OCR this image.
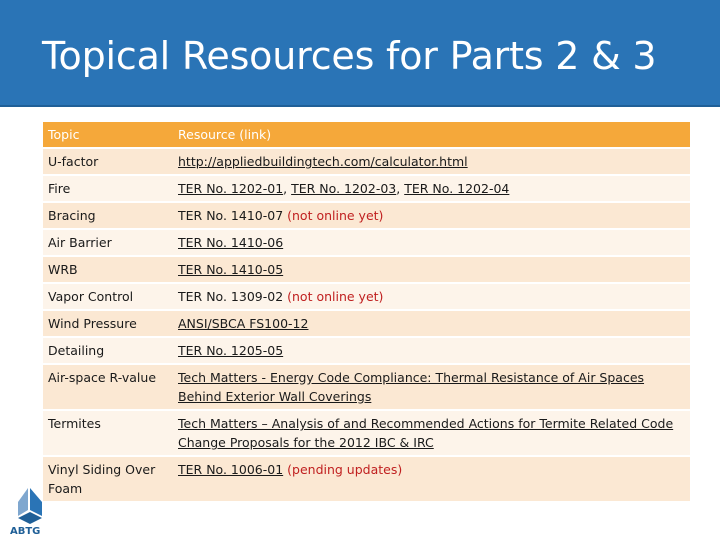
Topical Resources for Parts 2 & 3
Topic	Resource (link)
U-factor	http://appliedbuildingtech.com/calculator.html
Fire	TER No. 1202-01, TER No. 1202-03, TER No. 1202-04
Bracing	TER No. 1410-07 (not online yet)
Air Barrier	TER No. 1410-06
WRB	TER No. 1410-05
Vapor Control	TER No. 1309-02 (not online yet)
Wind Pressure	ANSI/SBCA FS100-12
Detailing	TER No. 1205-05
Air-space R-value	Tech Matters - Energy Code Compliance: Thermal Resistance of Air Spaces Behind Exterior Wall Coverings
Termites	Tech Matters – Analysis of and Recommended Actions for Termite Related Code Change Proposals for the 2012 IBC & IRC
Vinyl Siding Over Foam	TER No. 1006-01 (pending updates)
ABTG
